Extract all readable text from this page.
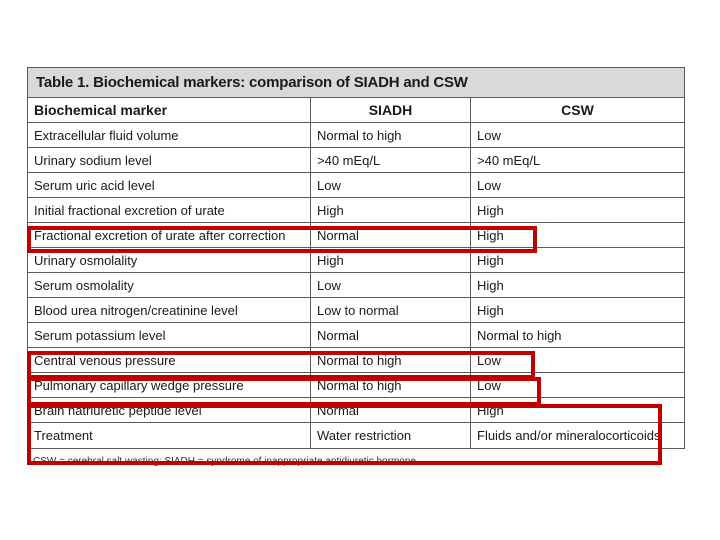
Table 1. Biochemical markers: comparison of SIADH and CSW
Biochemical marker	SIADH	CSW
Extracellular fluid volume	Normal to high	Low
Urinary sodium level	>40 mEq/L	>40 mEq/L
Serum uric acid level	Low	Low
Initial fractional excretion of urate	High	High
Fractional excretion of urate after correction	Normal	High
Urinary osmolality	High	High
Serum osmolality	Low	High
Blood urea nitrogen/creatinine level	Low to normal	High
Serum potassium level	Normal	Normal to high
Central venous pressure	Normal to high	Low
Pulmonary capillary wedge pressure	Normal to high	Low
Brain natriuretic peptide level	Normal	High
Treatment	Water restriction	Fluids and/or mineralocorticoids
CSW = cerebral salt wasting; SIADH = syndrome of inappropriate antidiuretic hormone.
